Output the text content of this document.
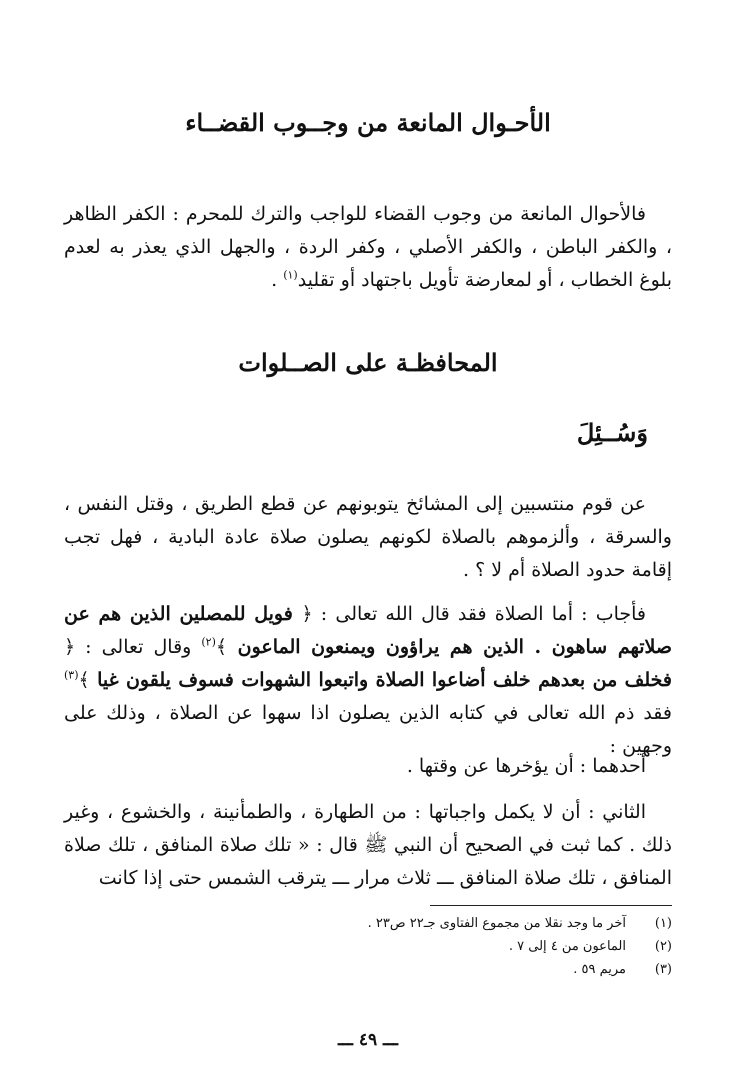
الأحـوال المانعة من وجــوب القضــاء

فالأحوال المانعة من وجوب القضاء للواجب والترك للمحرم : الكفر الظاهر ، والكفر الباطن ، والكفر الأصلي ، وكفر الردة ، والجهل الذي يعذر به لعدم بلوغ الخطاب ، أو لمعارضة تأويل باجتهاد أو تقليد$^{(١)}$ .

المحافظـة على الصــلوات
وَسُــئِلَ

عن قوم منتسبين إلى المشائخ يتوبونهم عن قطع الطريق ، وقتل النفس ، والسرقة ، وألزموهم بالصلاة لكونهم يصلون صلاة عادة البادية ، فهل تجب إقامة حدود الصلاة أم لا ؟ .

فأجاب : أما الصلاة فقد قال الله تعالى : ﴿ فويل للمصلين الذين هم عن صلاتهم ساهون . الذين هم يراؤون ويمنعون الماعون ﴾$^{(٢)}$ وقال تعالى : ﴿ فخلف من بعدهم خلف أضاعوا الصلاة واتبعوا الشهوات فسوف يلقون غيا ﴾$^{(٣)}$ فقد ذم الله تعالى في كتابه الذين يصلون اذا سهوا عن الصلاة ، وذلك على وجهين :

أحدهما : أن يؤخرها عن وقتها .

الثاني : أن لا يكمل واجباتها : من الطهارة ، والطمأنينة ، والخشوع ، وغير ذلك . كما ثبت في الصحيح أن النبي ﷺ قال : « تلك صلاة المنافق ، تلك صلاة المنافق ، تلك صلاة المنافق ـــ ثلاث مرار ـــ يترقب الشمس حتى إذا كانت

(١)
آخر ما وجد نقلا من مجموع الفتاوى جـ٢٢ ص٢٣ .
(٢)
الماعون من ٤ إلى ٧ .
(٣)
مريم ٥٩ .
ـــ ٤٩ ـــ
